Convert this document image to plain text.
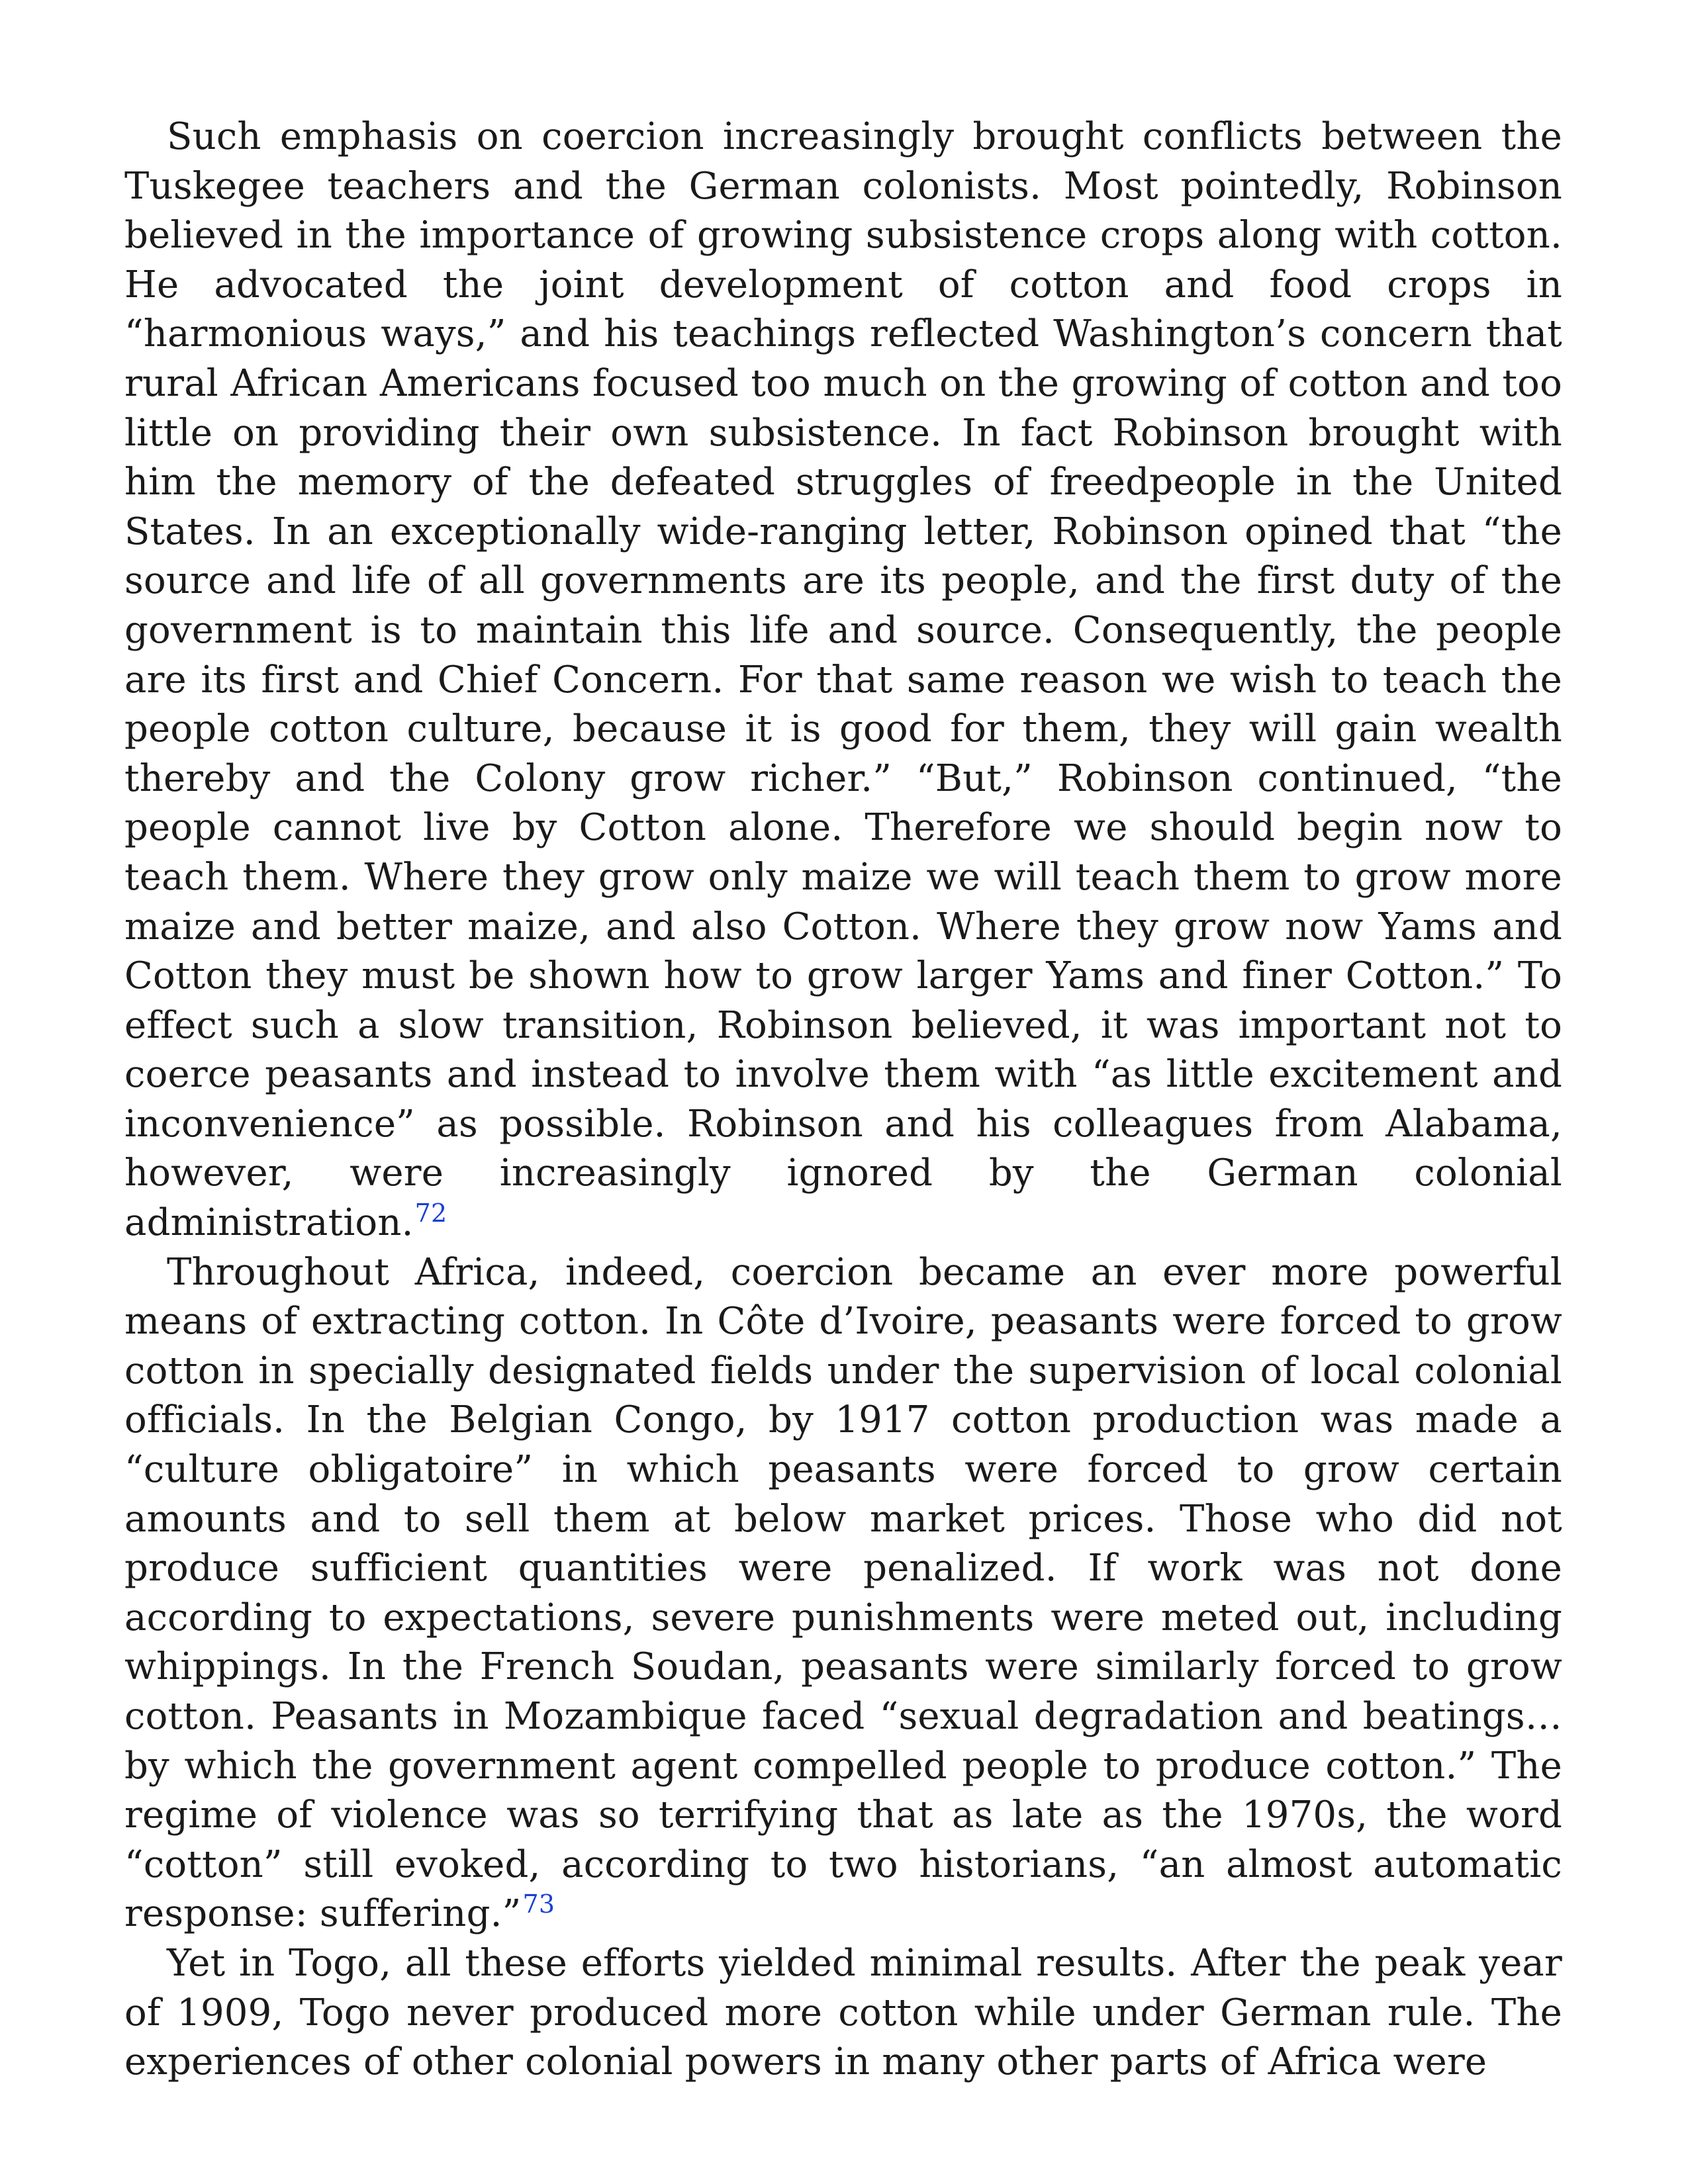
Such emphasis on coercion increasingly brought conflicts between the Tuskegee teachers and the German colonists. Most pointedly, Robinson believed in the importance of growing subsistence crops along with cotton. He advocated the joint development of cotton and food crops in “harmonious ways,” and his teachings reflected Washington’s concern that rural African Americans focused too much on the growing of cotton and too little on providing their own subsistence. In fact Robinson brought with him the memory of the defeated struggles of freedpeople in the United States. In an exceptionally wide-ranging letter, Robinson opined that “the source and life of all governments are its people, and the first duty of the government is to maintain this life and source. Consequently, the people are its first and Chief Concern. For that same reason we wish to teach the people cotton culture, because it is good for them, they will gain wealth thereby and the Colony grow richer.” “But,” Robinson continued, “the people cannot live by Cotton alone. Therefore we should begin now to teach them. Where they grow only maize we will teach them to grow more maize and better maize, and also Cotton. Where they grow now Yams and Cotton they must be shown how to grow larger Yams and finer Cotton.” To effect such a slow transition, Robinson believed, it was important not to coerce peasants and instead to involve them with “as little excitement and inconvenience” as possible. Robinson and his colleagues from Alabama, however, were increasingly ignored by the German colonial administration.$^{72}$

Throughout Africa, indeed, coercion became an ever more powerful means of extracting cotton. In Côte d’Ivoire, peasants were forced to grow cotton in specially designated fields under the supervision of local colonial officials. In the Belgian Congo, by 1917 cotton production was made a “culture obligatoire” in which peasants were forced to grow certain amounts and to sell them at below market prices. Those who did not produce sufficient quantities were penalized. If work was not done according to expectations, severe punishments were meted out, including whippings. In the French Soudan, peasants were similarly forced to grow cotton. Peasants in Mozambique faced “sexual degradation and beatings…by which the government agent compelled people to produce cotton.” The regime of violence was so terrifying that as late as the 1970s, the word “cotton” still evoked, according to two historians, “an almost automatic response: suffering.”$^{73}$

Yet in Togo, all these efforts yielded minimal results. After the peak year of 1909, Togo never produced more cotton while under German rule. The experiences of other colonial powers in many other parts of Africa were
